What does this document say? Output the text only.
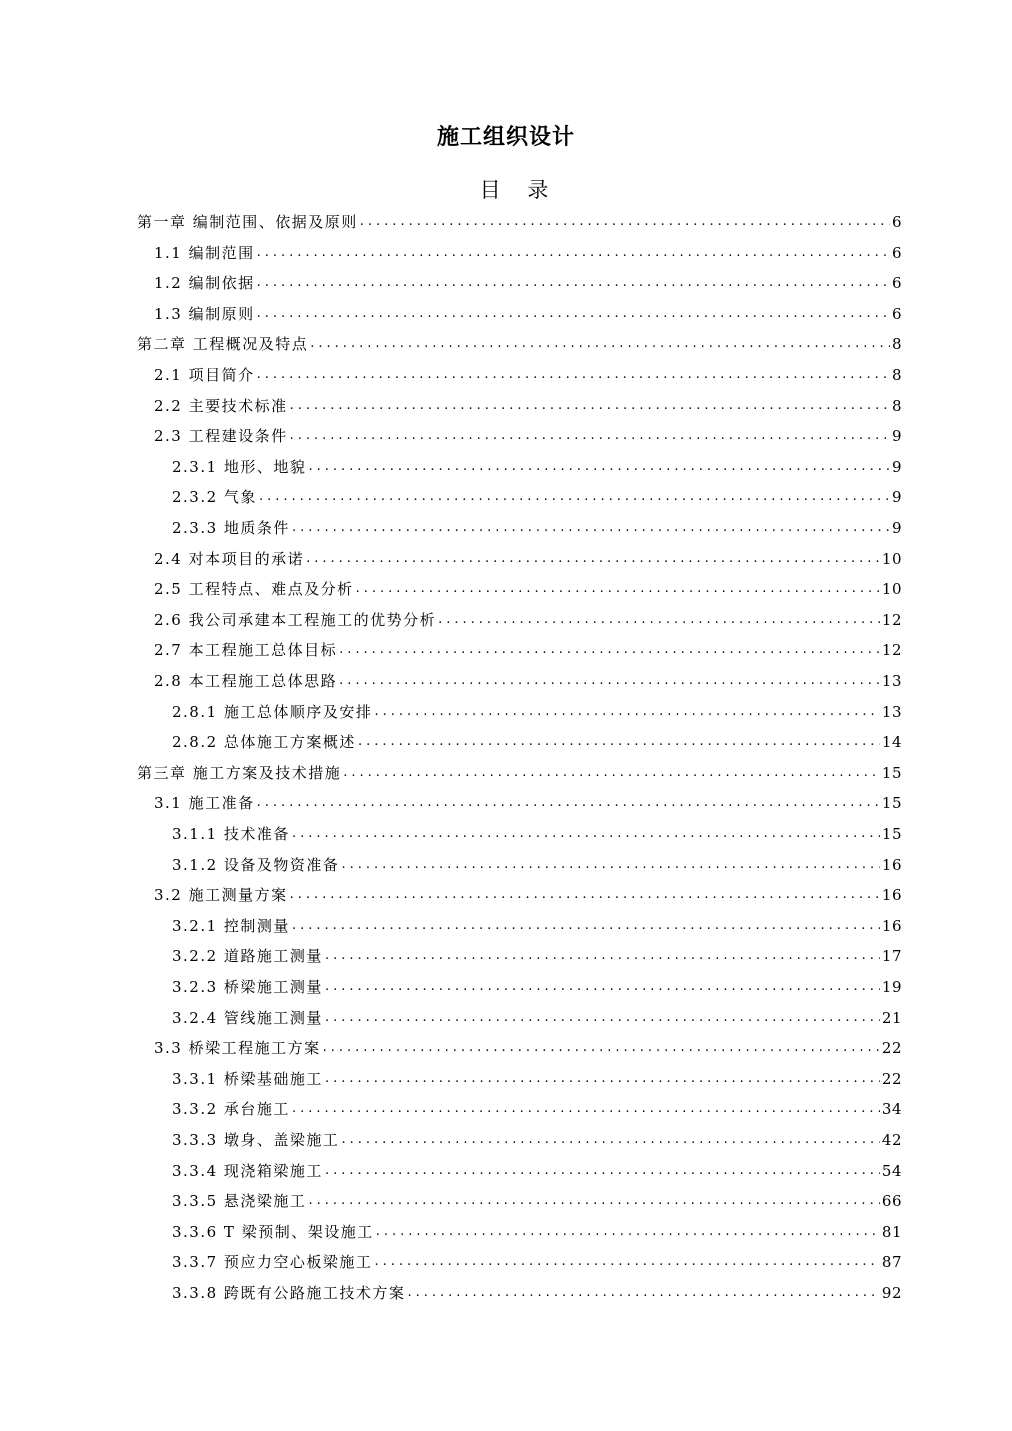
施工组织设计
目 录
第一章 编制范围、依据及原则 .....	6
1.1 编制范围 .....	6
1.2 编制依据 .....	6
1.3 编制原则 .....	6
第二章 工程概况及特点 .....	8
2.1 项目简介 .....	8
2.2 主要技术标准 .....	8
2.3 工程建设条件 .....	9
2.3.1 地形、地貌 .....	9
2.3.2 气象 .....	9
2.3.3 地质条件 .....	9
2.4 对本项目的承诺 .....	10
2.5 工程特点、难点及分析 .....	10
2.6 我公司承建本工程施工的优势分析 .....	12
2.7 本工程施工总体目标 .....	12
2.8 本工程施工总体思路 .....	13
2.8.1 施工总体顺序及安排 .....	13
2.8.2 总体施工方案概述 .....	14
第三章 施工方案及技术措施 .....	15
3.1 施工准备 .....	15
3.1.1 技术准备 .....	15
3.1.2 设备及物资准备 .....	16
3.2 施工测量方案 .....	16
3.2.1 控制测量 .....	16
3.2.2 道路施工测量 .....	17
3.2.3 桥梁施工测量 .....	19
3.2.4 管线施工测量 .....	21
3.3 桥梁工程施工方案 .....	22
3.3.1 桥梁基础施工 .....	22
3.3.2 承台施工 .....	34
3.3.3 墩身、盖梁施工 .....	42
3.3.4 现浇箱梁施工 .....	54
3.3.5 悬浇梁施工 .....	66
3.3.6 T 梁预制、架设施工 .....	81
3.3.7 预应力空心板梁施工 .....	87
3.3.8 跨既有公路施工技术方案 .....	92
